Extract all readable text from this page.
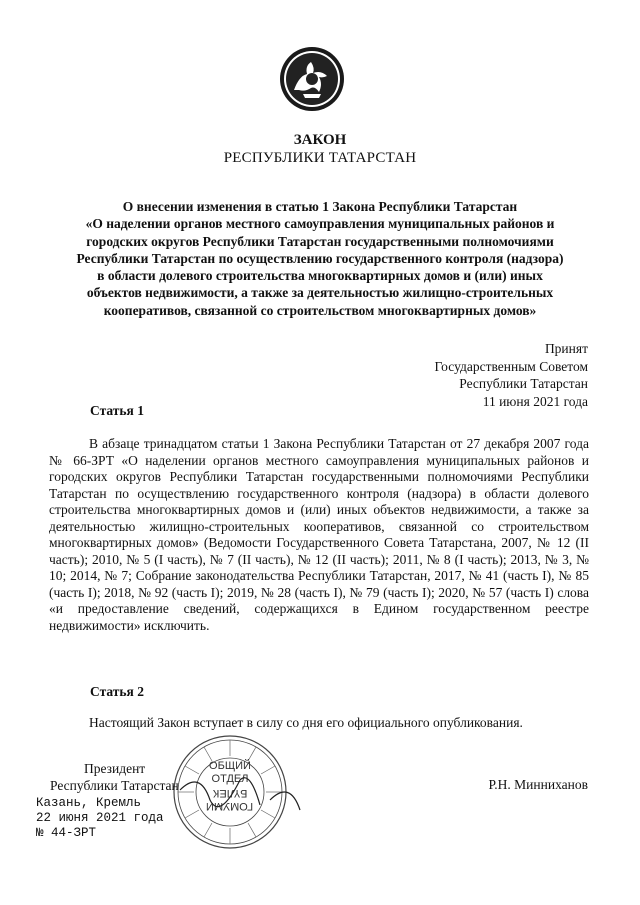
ЗАКОН
РЕСПУБЛИКИ ТАТАРСТАН
О внесении изменения в статью 1 Закона Республики Татарстан
«О наделении органов местного самоуправления муниципальных районов и
городских округов Республики Татарстан государственными полномочиями
Республики Татарстан по осуществлению государственного контроля (надзора)
в области долевого строительства многоквартирных домов и (или) иных
объектов недвижимости, а также за деятельностью жилищно-строительных
кооперативов, связанной со строительством многоквартирных домов»
Принят
Государственным Советом
Республики Татарстан
11 июня 2021 года
Статья 1
В абзаце тринадцатом статьи 1 Закона Республики Татарстан от 27 декабря 2007 года № 66-ЗРТ «О наделении органов местного самоуправления муниципальных районов и городских округов Республики Татарстан государственными полномочиями Республики Татарстан по осуществлению государственного контроля (надзора) в области долевого строительства многоквартирных домов и (или) иных объектов недвижимости, а также за деятельностью жилищно-строительных кооперативов, связанной со строительством многоквартирных домов» (Ведомости Государственного Совета Татарстана, 2007, № 12 (II часть); 2010, № 5 (I часть), № 7 (II часть), № 12 (II часть); 2011, № 8 (I часть); 2013, № 3, № 10; 2014, № 7; Собрание законодательства Республики Татарстан, 2017, № 41 (часть I), № 85 (часть I); 2018, № 92 (часть I); 2019, № 28 (часть I), № 79 (часть I); 2020, № 57 (часть I) слова «и предоставление сведений, содержащихся в Едином государственном реестре недвижимости» исключить.
Статья 2
Настоящий Закон вступает в силу со дня его официального опубликования.
ОБЩИЙ
ОТДЕЛ
БҮЛЕК
ГОМУМИ
Президент
Республики Татарстан	Р.Н. Минниханов
Казань, Кремль
22 июня 2021 года
№ 44-ЗРТ
